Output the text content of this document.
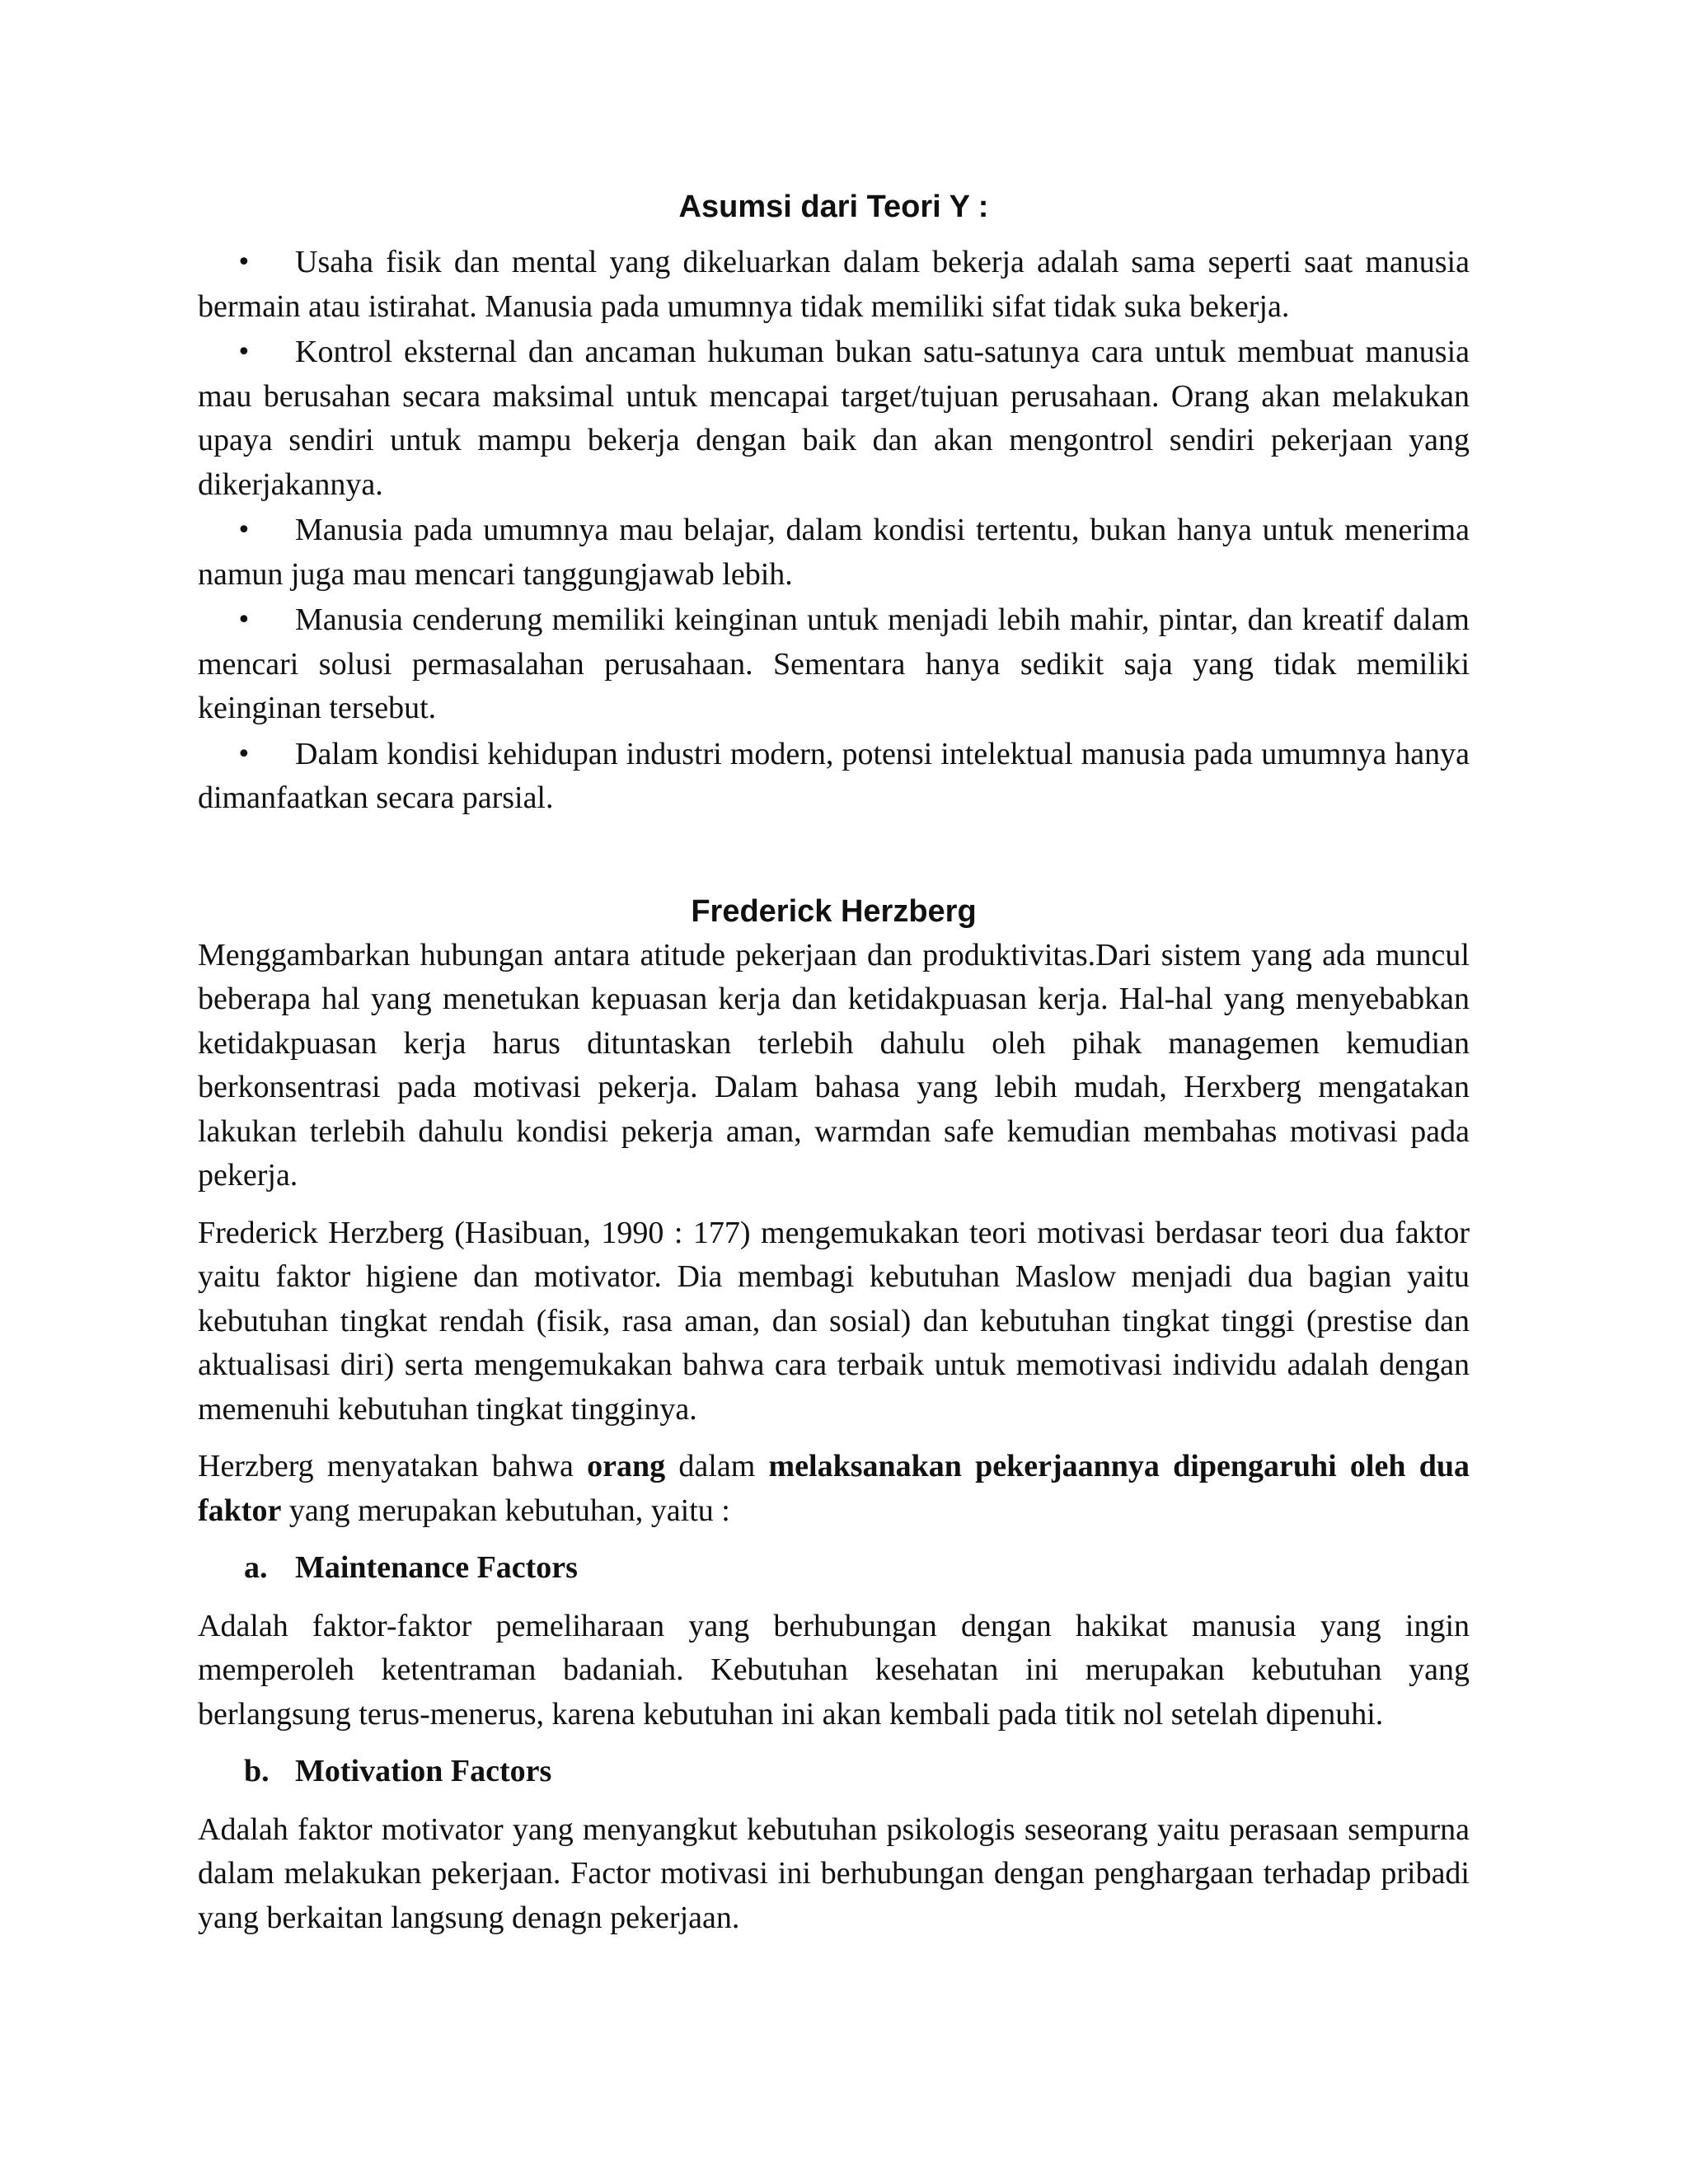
Asumsi dari Teori Y :
• Usaha fisik dan mental yang dikeluarkan dalam bekerja adalah sama seperti saat manusia bermain atau istirahat. Manusia pada umumnya tidak memiliki sifat tidak suka bekerja.
• Kontrol eksternal dan ancaman hukuman bukan satu-satunya cara untuk membuat manusia mau berusahan secara maksimal untuk mencapai target/tujuan perusahaan. Orang akan melakukan upaya sendiri untuk mampu bekerja dengan baik dan akan mengontrol sendiri pekerjaan yang dikerjakannya.
• Manusia pada umumnya mau belajar, dalam kondisi tertentu, bukan hanya untuk menerima namun juga mau mencari tanggungjawab lebih.
• Manusia cenderung memiliki keinginan untuk menjadi lebih mahir, pintar, dan kreatif dalam mencari solusi permasalahan perusahaan. Sementara hanya sedikit saja yang tidak memiliki keinginan tersebut.
• Dalam kondisi kehidupan industri modern, potensi intelektual manusia pada umumnya hanya dimanfaatkan secara parsial.
Frederick Herzberg

Menggambarkan hubungan antara atitude pekerjaan dan produktivitas.Dari sistem yang ada muncul beberapa hal yang menetukan kepuasan kerja dan ketidakpuasan kerja. Hal-hal yang menyebabkan ketidakpuasan kerja harus dituntaskan terlebih dahulu oleh pihak managemen kemudian berkonsentrasi pada motivasi pekerja. Dalam bahasa yang lebih mudah, Herxberg mengatakan lakukan terlebih dahulu kondisi pekerja aman, warmdan safe kemudian membahas motivasi pada pekerja.

Frederick Herzberg (Hasibuan, 1990 : 177) mengemukakan teori motivasi berdasar teori dua faktor yaitu faktor higiene dan motivator. Dia membagi kebutuhan Maslow menjadi dua bagian yaitu kebutuhan tingkat rendah (fisik, rasa aman, dan sosial) dan kebutuhan tingkat tinggi (prestise dan aktualisasi diri) serta mengemukakan bahwa cara terbaik untuk memotivasi individu adalah dengan memenuhi kebutuhan tingkat tingginya.

Herzberg menyatakan bahwa orang dalam melaksanakan pekerjaannya dipengaruhi oleh dua faktor yang merupakan kebutuhan, yaitu :

a. Maintenance Factors

Adalah faktor-faktor pemeliharaan yang berhubungan dengan hakikat manusia yang ingin memperoleh ketentraman badaniah. Kebutuhan kesehatan ini merupakan kebutuhan yang berlangsung terus-menerus, karena kebutuhan ini akan kembali pada titik nol setelah dipenuhi.

b. Motivation Factors

Adalah faktor motivator yang menyangkut kebutuhan psikologis seseorang yaitu perasaan sempurna dalam melakukan pekerjaan. Factor motivasi ini berhubungan dengan penghargaan terhadap pribadi yang berkaitan langsung denagn pekerjaan.
